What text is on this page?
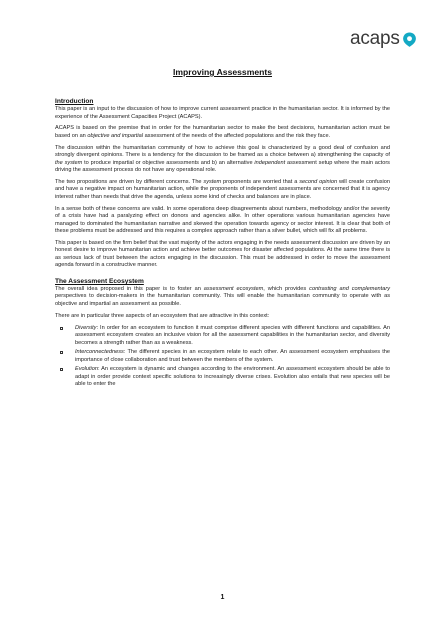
acaps
Improving Assessments
Introduction

This paper is an input to the discussion of how to improve current assessment practice in the humanitarian sector. It is informed by the experience of the Assessment Capacities Project (ACAPS).

ACAPS is based on the premise that in order for the humanitarian sector to make the best decisions, humanitarian action must be based on an objective and impartial assessment of the needs of the affected populations and the risk they face.

The discussion within the humanitarian community of how to achieve this goal is characterized by a good deal of confusion and strongly divergent opinions. There is a tendency for the discussion to be framed as a choice between a) strengthening the capacity of the system to produce impartial or objective assessments and b) an alternative independent assessment setup where the main actors driving the assessment process do not have any operational role.

The two propositions are driven by different concerns. The system proponents are worried that a second opinion will create confusion and have a negative impact on humanitarian action, while the proponents of independent assessments are concerned that it is agency interest rather than needs that drive the agenda, unless some kind of checks and balances are in place.

In a sense both of these concerns are valid. In some operations deep disagreements about numbers, methodology and/or the severity of a crisis have had a paralyzing effect on donors and agencies alike. In other operations various humanitarian agencies have managed to dominated the humanitarian narrative and skewed the operation towards agency or sector interest. It is clear that both of these problems must be addressed and this requires a complex approach rather than a silver bullet, which will fix all problems.

This paper is based on the firm belief that the vast majority of the actors engaging in the needs assessment discussion are driven by an honest desire to improve humanitarian action and achieve better outcomes for disaster affected populations. At the same time there is as serious lack of trust between the actors engaging in the discussion. This must be addressed in order to move the assessment agenda forward in a constructive manner.

The Assessment Ecosystem

The overall idea proposed in this paper is to foster an assessment ecosystem, which provides contrasting and complementary perspectives to decision-makers in the humanitarian community. This will enable the humanitarian community to operate with as objective and impartial an assessment as possible.

There are in particular three aspects of an ecosystem that are attractive in this context:

Diversity: In order for an ecosystem to function it must comprise different species with different functions and capabilities. An assessment ecosystem creates an inclusive vision for all the assessment capabilities in the humanitarian sector, and diversity becomes a strength rather than as a weakness.
Interconnectedness: The different species in an ecosystem relate to each other. An assessment ecosystem emphasises the importance of close collaboration and trust between the members of the system.
Evolution: An ecosystem is dynamic and changes according to the environment. An assessment ecosystem should be able to adapt in order provide context specific solutions to increasingly diverse crises. Evolution also entails that new species will be able to enter the
1
